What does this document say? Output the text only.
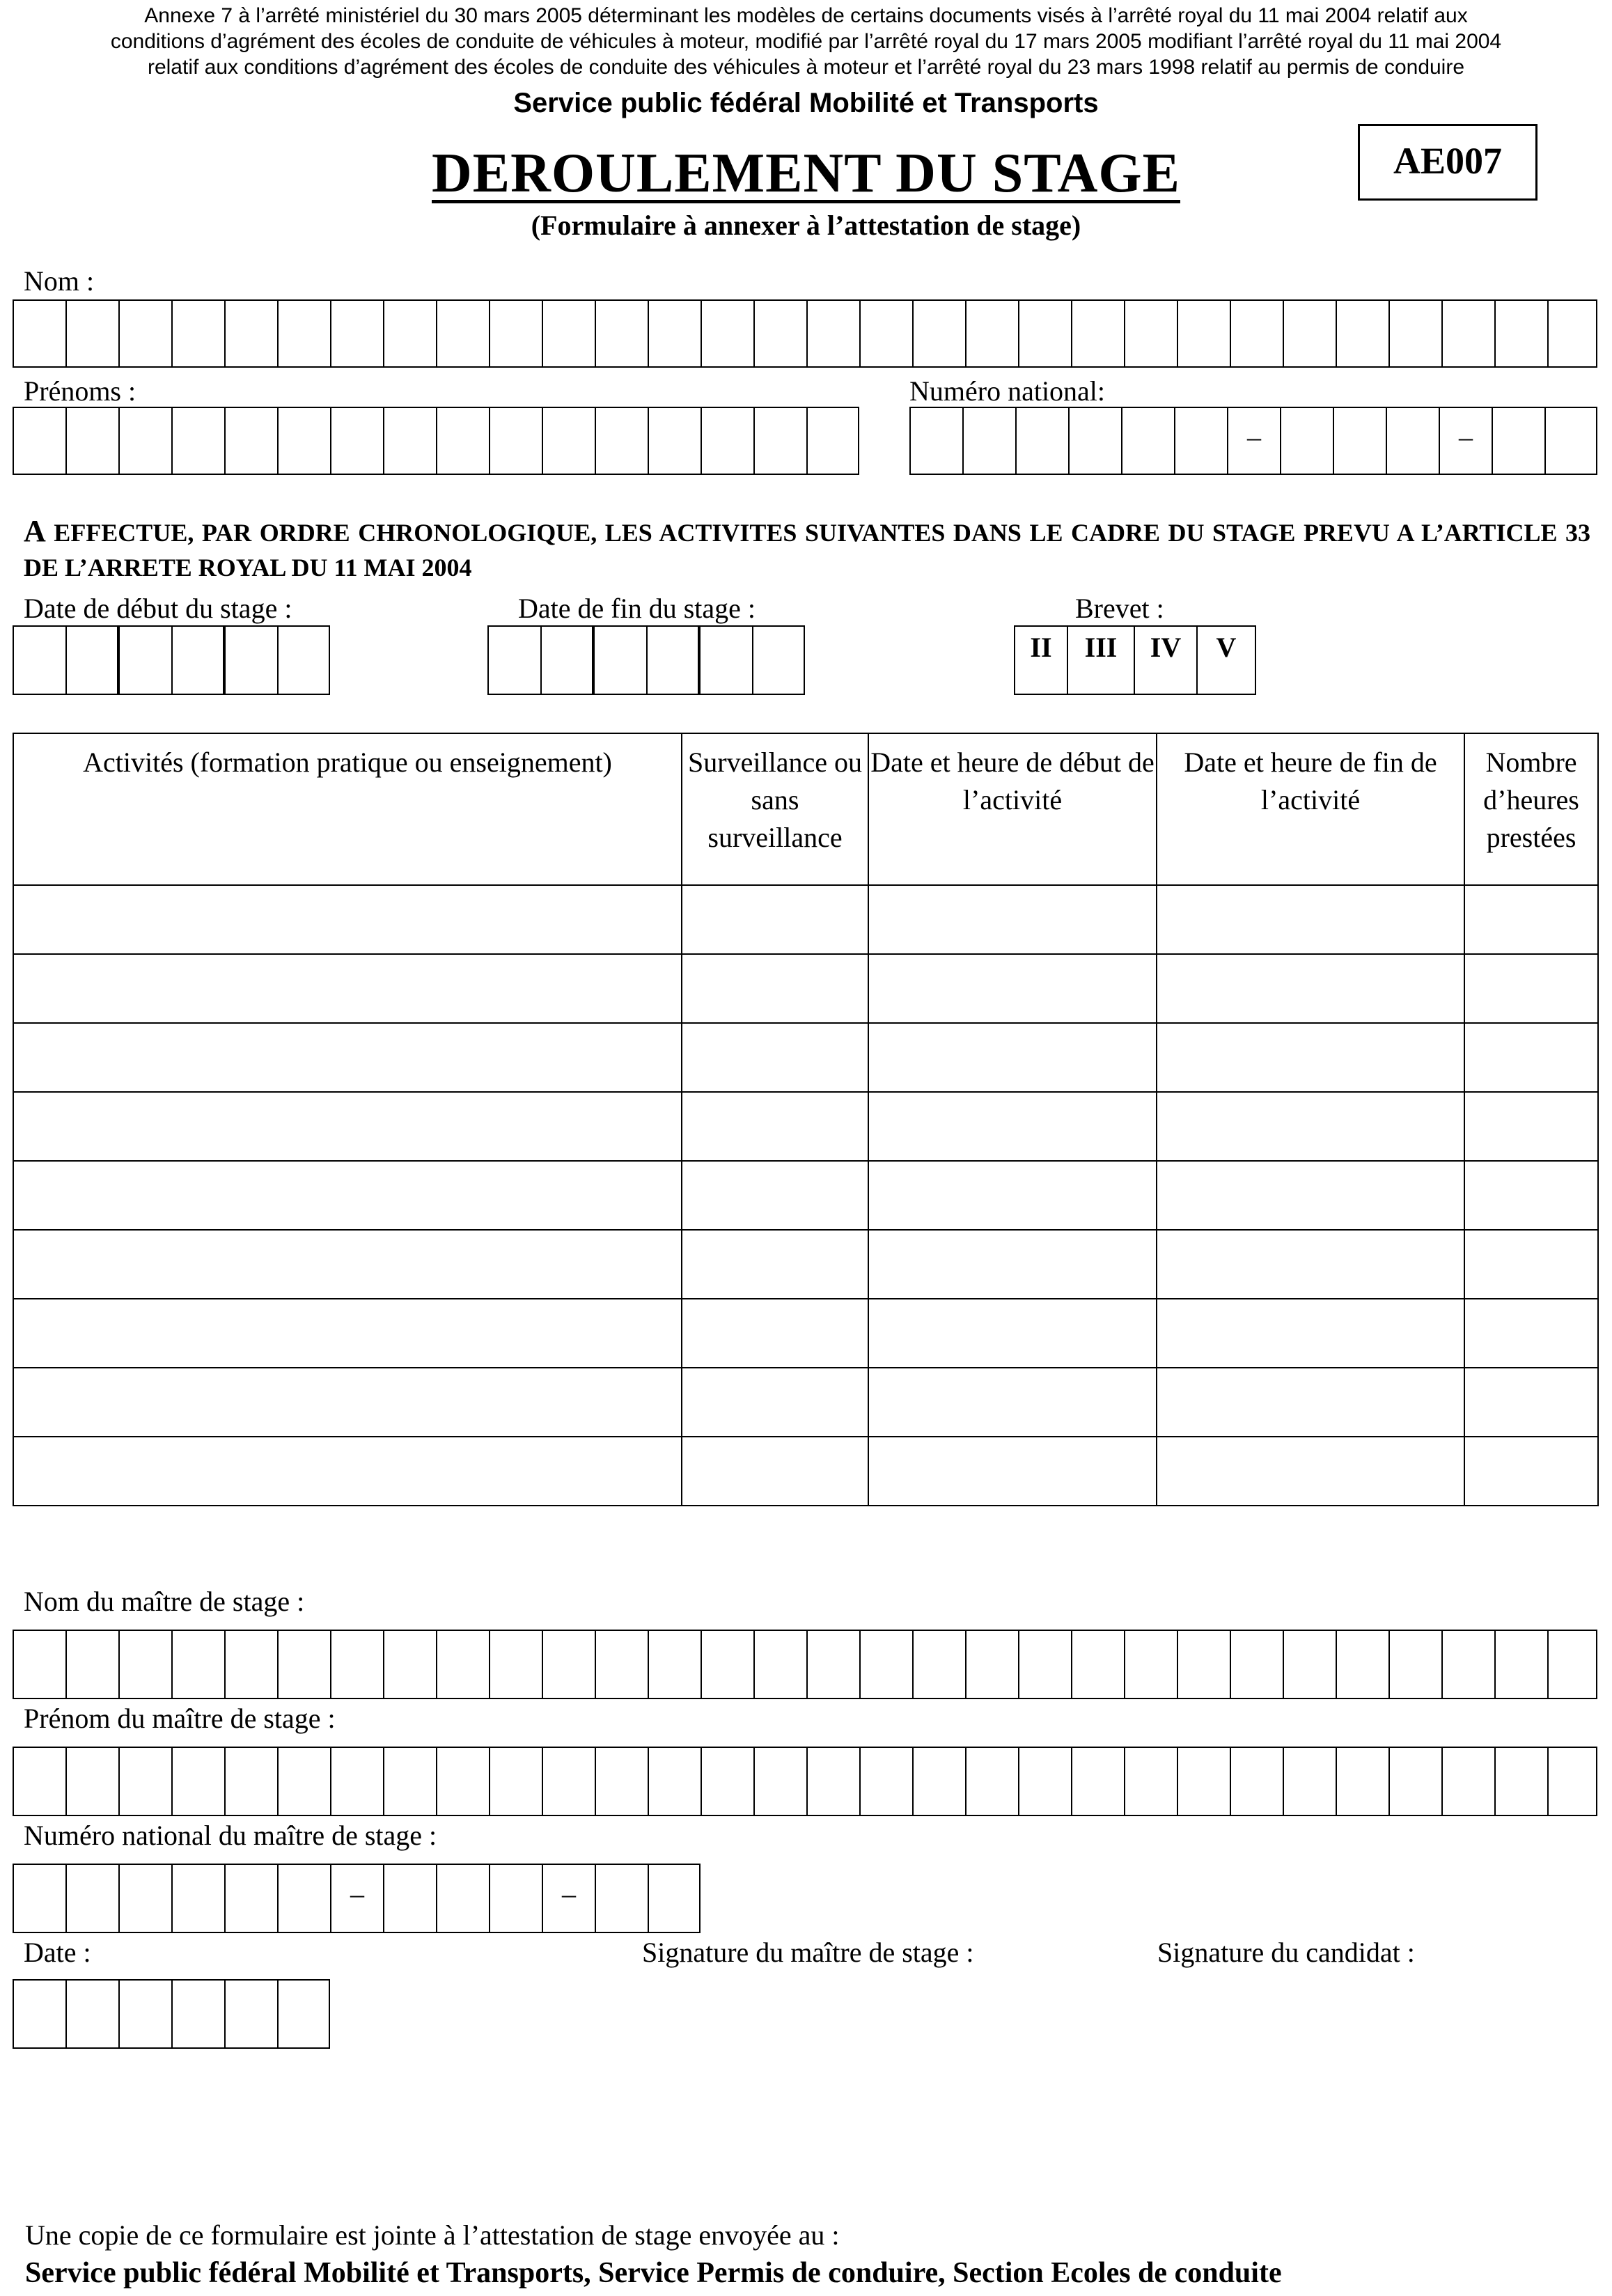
Annexe 7 à l’arrêté ministériel du 30 mars 2005 déterminant les modèles de certains documents visés à l’arrêté royal du 11 mai 2004 relatif aux
conditions d’agrément des écoles de conduite de véhicules à moteur, modifié par l’arrêté royal du 17 mars 2005 modifiant l’arrêté royal du 11 mai 2004
relatif aux conditions d’agrément des écoles de conduite des véhicules à moteur et l’arrêté royal du 23 mars 1998 relatif au permis de conduire
Service public fédéral Mobilité et Transports
DEROULEMENT DU STAGE
(Formulaire à annexer à l’attestation de stage)
AE007
Nom :
Prénoms :	Numéro national:
–	–
A EFFECTUE, PAR ORDRE CHRONOLOGIQUE, LES ACTIVITES SUIVANTES DANS LE CADRE DU STAGE PREVU A L’ARTICLE 33 DE L’ARRETE ROYAL DU 11 MAI 2004
Date de début du stage :	Date de fin du stage :	Brevet :
II	III	IV	V
Activités (formation pratique ou enseignement)	Surveillance ou sans surveillance	Date et heure de début de l’activité	Date et heure de fin de l’activité	Nombre d’heures prestées

Nom du maître de stage :
Prénom du maître de stage :
Numéro national du maître de stage :
–	–
Date :	Signature du maître de stage :	Signature du candidat :
Une copie de ce formulaire est jointe à l’attestation de stage envoyée au :
Service public fédéral Mobilité et Transports, Service Permis de conduire, Section Ecoles de conduite
